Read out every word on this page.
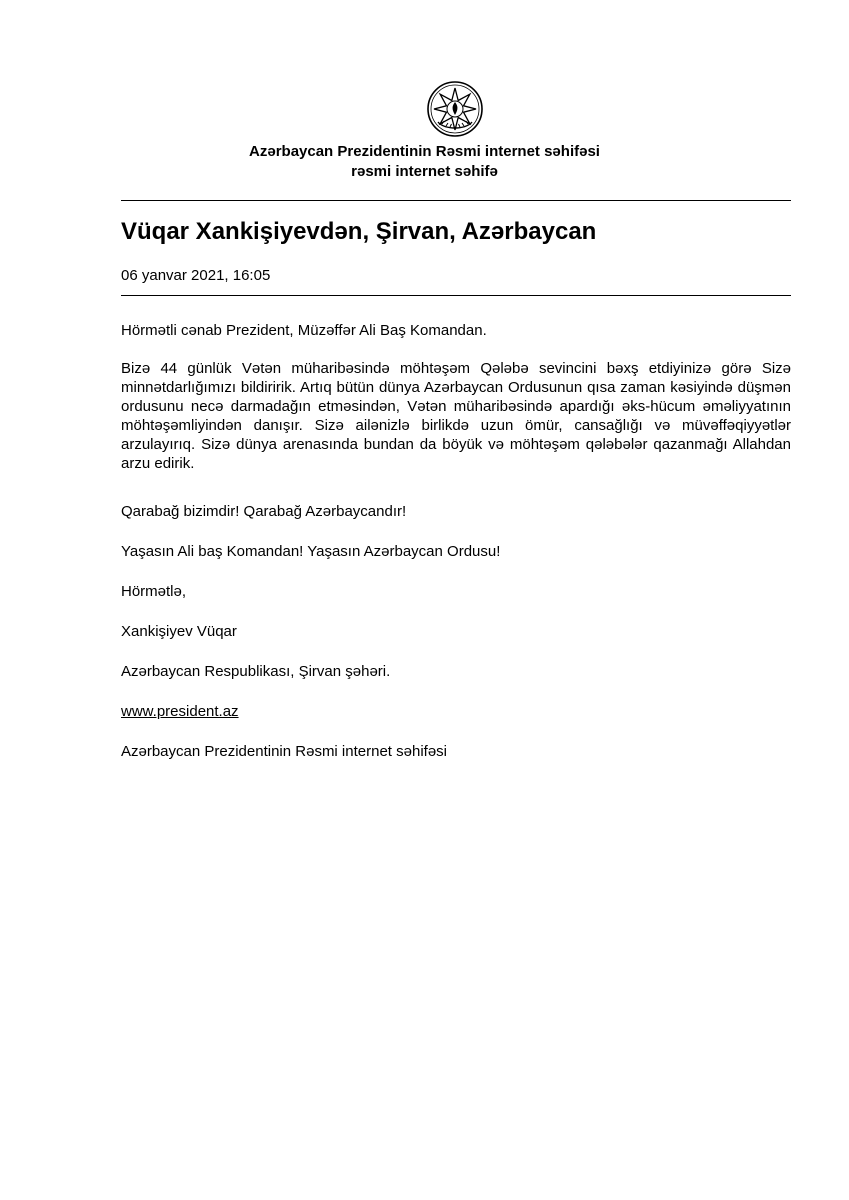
Azərbaycan Prezidentinin Rəsmi internet səhifəsi
rəsmi internet səhifə
Vüqar Xankişiyevdən, Şirvan, Azərbaycan
06 yanvar 2021, 16:05

Hörmətli cənab Prezident, Müzəffər Ali Baş Komandan.

Bizə 44 günlük Vətən müharibəsində möhtəşəm Qələbə sevincini bəxş etdiyinizə görə Sizə minnətdarlığımızı bildiririk. Artıq bütün dünya Azərbaycan Ordusunun qısa zaman kəsiyində düşmən ordusunu necə darmadağın etməsindən, Vətən müharibəsində apardığı əks-hücum əməliyyatının möhtəşəmliyindən danışır. Sizə ailənizlə birlikdə uzun ömür, cansağlığı və müvəffəqiyyətlər arzulayırıq. Sizə dünya arenasında bundan da böyük və möhtəşəm qələbələr qazanmağı Allahdan arzu edirik.

Qarabağ bizimdir! Qarabağ Azərbaycandır!

Yaşasın Ali baş Komandan! Yaşasın Azərbaycan Ordusu!

Hörmətlə,

Xankişiyev Vüqar

Azərbaycan Respublikası, Şirvan şəhəri.

www.president.az

Azərbaycan Prezidentinin Rəsmi internet səhifəsi
